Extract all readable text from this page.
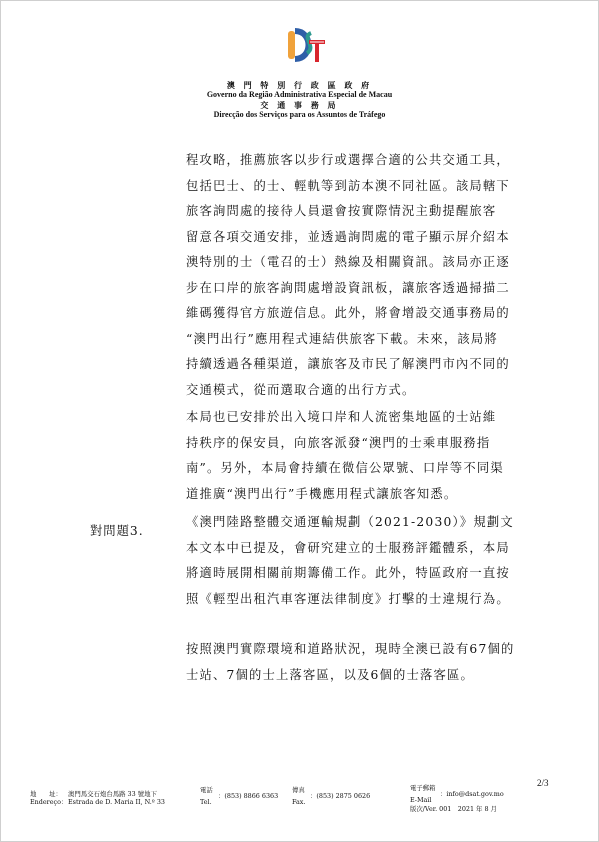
澳 門 特 別 行 政 區 政 府
Governo da Região Administrativa Especial de Macau
交 通 事 務 局
Direcção dos Serviços para os Assuntos de Tráfego
程攻略，推薦旅客以步行或選擇合適的公共交通工具，
包括巴士、的士、輕軌等到訪本澳不同社區。該局轄下
旅客詢問處的接待人員還會按實際情況主動提醒旅客
留意各項交通安排，並透過詢問處的電子顯示屏介紹本
澳特別的士（電召的士）熱線及相關資訊。該局亦正逐
步在口岸的旅客詢問處增設資訊板，讓旅客透過掃描二
維碼獲得官方旅遊信息。此外，將會增設交通事務局的
“澳門出行”應用程式連結供旅客下載。未來，該局將
持續透過各種渠道，讓旅客及市民了解澳門市內不同的
交通模式，從而選取合適的出行方式。
本局也已安排於出入境口岸和人流密集地區的士站維
持秩序的保安員，向旅客派發“澳門的士乘車服務指
南”。另外，本局會持續在微信公眾號、口岸等不同渠
道推廣“澳門出行”手機應用程式讓旅客知悉。
對問題3.
《澳門陸路整體交通運輸規劃（2021-2030）》規劃文
本文本中已提及，會研究建立的士服務評鑑體系，本局
將適時展開相關前期籌備工作。此外，特區政府一直按
照《輕型出租汽車客運法律制度》打擊的士違規行為。
按照澳門實際環境和道路狀況，現時全澳已設有67個的
士站、7個的士上落客區，以及6個的士落客區。
2/3
地　　址：
Endereço：
澳門馬交石炮台馬路 33 號地下
Estrada de D. Maria II, N.º 33
電話
Tel.
：(853) 8866 6363
傳真
Fax.
：(853) 2875 0626
電子郵箱
E-Mail
：info@dsat.gov.mo
版次/Ver. 001　2021 年 8 月
